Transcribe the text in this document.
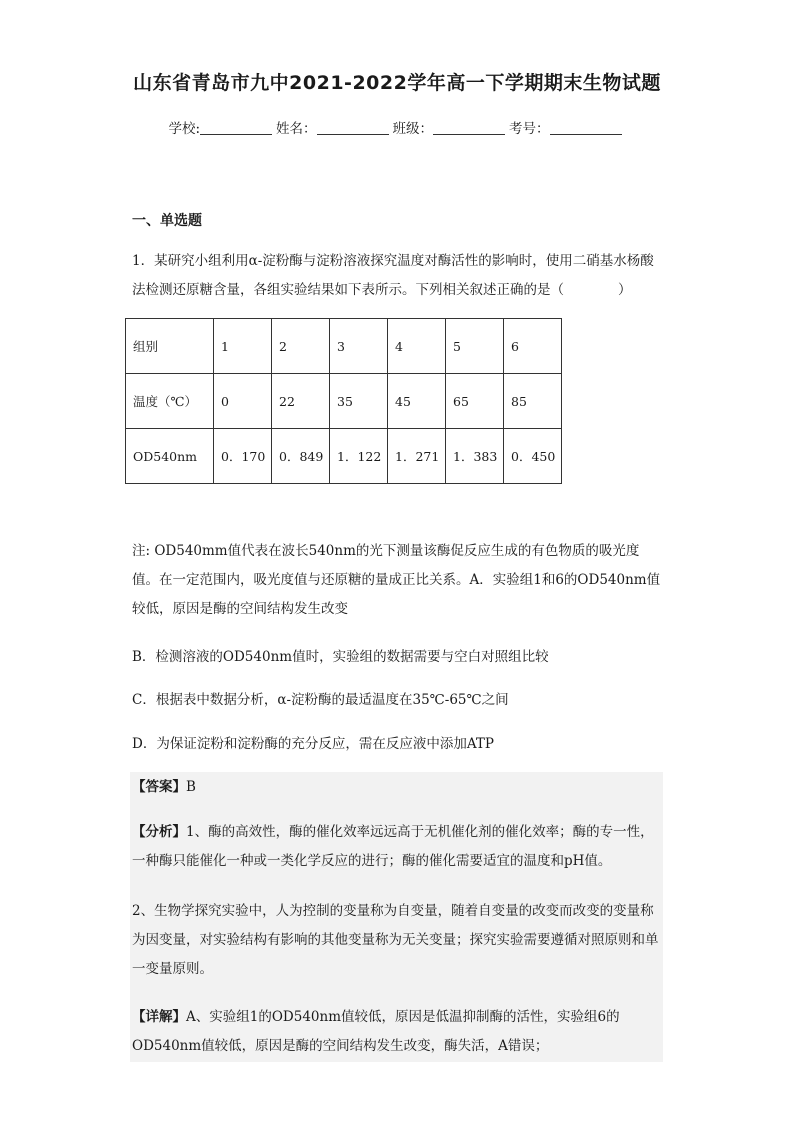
山东省青岛市九中2021-2022学年高一下学期期末生物试题
学校:	姓名：	班级：	考号：
一、单选题
1．某研究小组利用α-淀粉酶与淀粉溶液探究温度对酶活性的影响时，使用二硝基水杨酸法检测还原糖含量，各组实验结果如下表所示。下列相关叙述正确的是（　　　　）
组别	1	2	3	4	5	6
温度（℃）	0	22	35	45	65	85
OD540nm	0．170	0．849	1．122	1．271	1．383	0．450
注: OD540mm值代表在波长540nm的光下测量该酶促反应生成的有色物质的吸光度值。在一定范围内，吸光度值与还原糖的量成正比关系。A．实验组1和6的OD540nm值较低，原因是酶的空间结构发生改变
B．检测溶液的OD540nm值时，实验组的数据需要与空白对照组比较
C．根据表中数据分析，α-淀粉酶的最适温度在35℃-65℃之间
D．为保证淀粉和淀粉酶的充分反应，需在反应液中添加ATP
【答案】B
【分析】1、酶的高效性，酶的催化效率远远高于无机催化剂的催化效率；酶的专一性，一种酶只能催化一种或一类化学反应的进行；酶的催化需要适宜的温度和pH值。
2、生物学探究实验中，人为控制的变量称为自变量，随着自变量的改变而改变的变量称为因变量，对实验结构有影响的其他变量称为无关变量；探究实验需要遵循对照原则和单一变量原则。
【详解】A、实验组1的OD540nm值较低，原因是低温抑制酶的活性，实验组6的OD540nm值较低，原因是酶的空间结构发生改变，酶失活，A错误；
